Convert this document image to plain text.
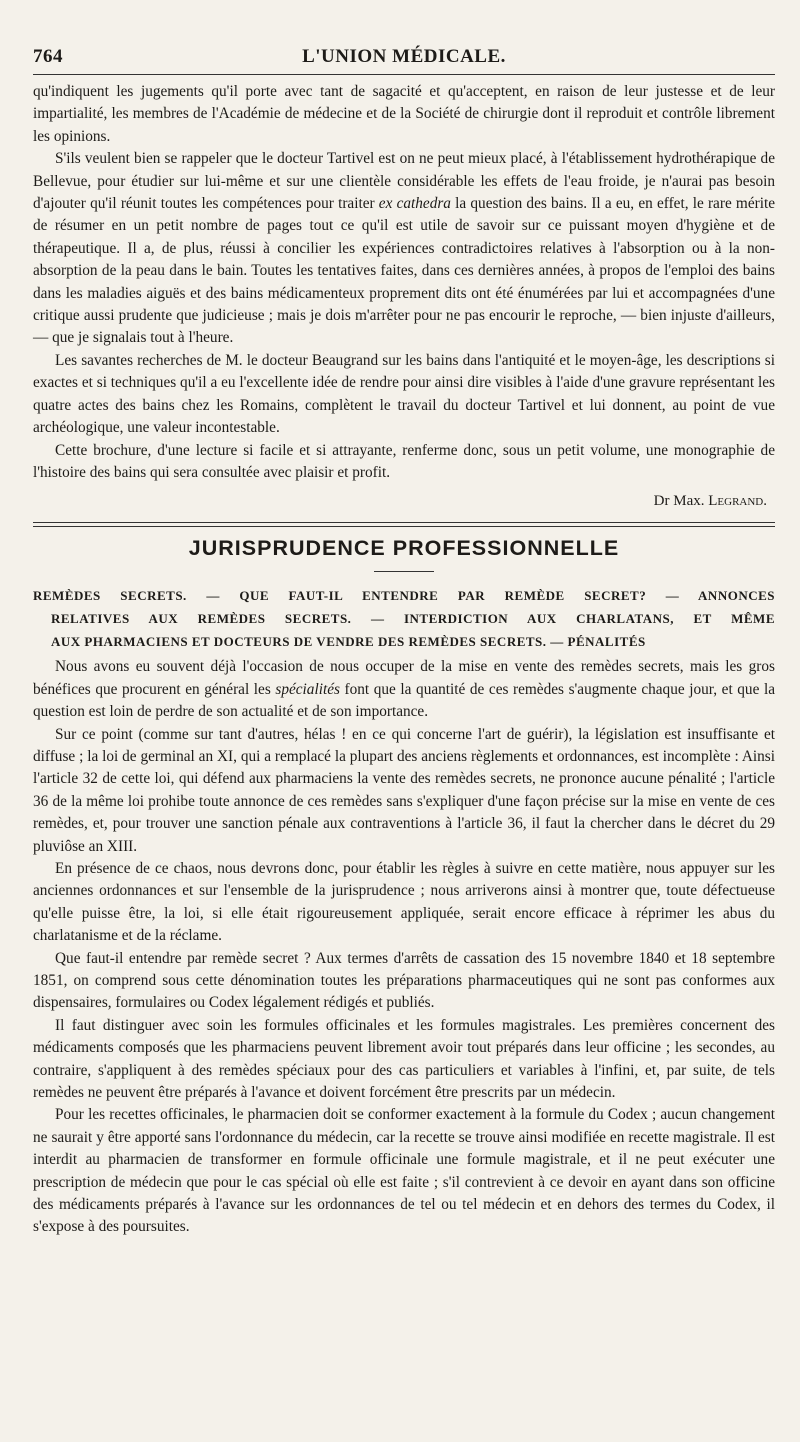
764	L'UNION MÉDICALE.

qu'indiquent les jugements qu'il porte avec tant de sagacité et qu'acceptent, en raison de leur justesse et de leur impartialité, les membres de l'Académie de médecine et de la Société de chirurgie dont il reproduit et contrôle librement les opinions.

S'ils veulent bien se rappeler que le docteur Tartivel est on ne peut mieux placé, à l'établissement hydrothérapique de Bellevue, pour étudier sur lui-même et sur une clientèle considérable les effets de l'eau froide, je n'aurai pas besoin d'ajouter qu'il réunit toutes les compétences pour traiter ex cathedra la question des bains. Il a eu, en effet, le rare mérite de résumer en un petit nombre de pages tout ce qu'il est utile de savoir sur ce puissant moyen d'hygiène et de thérapeutique. Il a, de plus, réussi à concilier les expériences contradictoires relatives à l'absorption ou à la non-absorption de la peau dans le bain. Toutes les tentatives faites, dans ces dernières années, à propos de l'emploi des bains dans les maladies aiguës et des bains médicamenteux proprement dits ont été énumérées par lui et accompagnées d'une critique aussi prudente que judicieuse ; mais je dois m'arrêter pour ne pas encourir le reproche, — bien injuste d'ailleurs, — que je signalais tout à l'heure.

Les savantes recherches de M. le docteur Beaugrand sur les bains dans l'antiquité et le moyen-âge, les descriptions si exactes et si techniques qu'il a eu l'excellente idée de rendre pour ainsi dire visibles à l'aide d'une gravure représentant les quatre actes des bains chez les Romains, complètent le travail du docteur Tartivel et lui donnent, au point de vue archéologique, une valeur incontestable.

Cette brochure, d'une lecture si facile et si attrayante, renferme donc, sous un petit volume, une monographie de l'histoire des bains qui sera consultée avec plaisir et profit.

Dr Max. Legrand.
JURISPRUDENCE PROFESSIONNELLE
REMÈDES SECRETS. — QUE FAUT-IL ENTENDRE PAR REMÈDE SECRET? — ANNONCES
RELATIVES AUX REMÈDES SECRETS. — INTERDICTION AUX CHARLATANS, ET MÊME
AUX PHARMACIENS ET DOCTEURS DE VENDRE DES REMÈDES SECRETS. — PÉNALITÉS

Nous avons eu souvent déjà l'occasion de nous occuper de la mise en vente des remèdes secrets, mais les gros bénéfices que procurent en général les spécialités font que la quantité de ces remèdes s'augmente chaque jour, et que la question est loin de perdre de son actualité et de son importance.

Sur ce point (comme sur tant d'autres, hélas ! en ce qui concerne l'art de guérir), la législation est insuffisante et diffuse ; la loi de germinal an XI, qui a remplacé la plupart des anciens règlements et ordonnances, est incomplète : Ainsi l'article 32 de cette loi, qui défend aux pharmaciens la vente des remèdes secrets, ne prononce aucune pénalité ; l'article 36 de la même loi prohibe toute annonce de ces remèdes sans s'expliquer d'une façon précise sur la mise en vente de ces remèdes, et, pour trouver une sanction pénale aux contraventions à l'article 36, il faut la chercher dans le décret du 29 pluviôse an XIII.

En présence de ce chaos, nous devrons donc, pour établir les règles à suivre en cette matière, nous appuyer sur les anciennes ordonnances et sur l'ensemble de la jurisprudence ; nous arriverons ainsi à montrer que, toute défectueuse qu'elle puisse être, la loi, si elle était rigoureusement appliquée, serait encore efficace à réprimer les abus du charlatanisme et de la réclame.

Que faut-il entendre par remède secret ? Aux termes d'arrêts de cassation des 15 novembre 1840 et 18 septembre 1851, on comprend sous cette dénomination toutes les préparations pharmaceutiques qui ne sont pas conformes aux dispensaires, formulaires ou Codex légalement rédigés et publiés.

Il faut distinguer avec soin les formules officinales et les formules magistrales. Les premières concernent des médicaments composés que les pharmaciens peuvent librement avoir tout préparés dans leur officine ; les secondes, au contraire, s'appliquent à des remèdes spéciaux pour des cas particuliers et variables à l'infini, et, par suite, de tels remèdes ne peuvent être préparés à l'avance et doivent forcément être prescrits par un médecin.

Pour les recettes officinales, le pharmacien doit se conformer exactement à la formule du Codex ; aucun changement ne saurait y être apporté sans l'ordonnance du médecin, car la recette se trouve ainsi modifiée en recette magistrale. Il est interdit au pharmacien de transformer en formule officinale une formule magistrale, et il ne peut exécuter une prescription de médecin que pour le cas spécial où elle est faite ; s'il contrevient à ce devoir en ayant dans son officine des médicaments préparés à l'avance sur les ordonnances de tel ou tel médecin et en dehors des termes du Codex, il s'expose à des poursuites.
